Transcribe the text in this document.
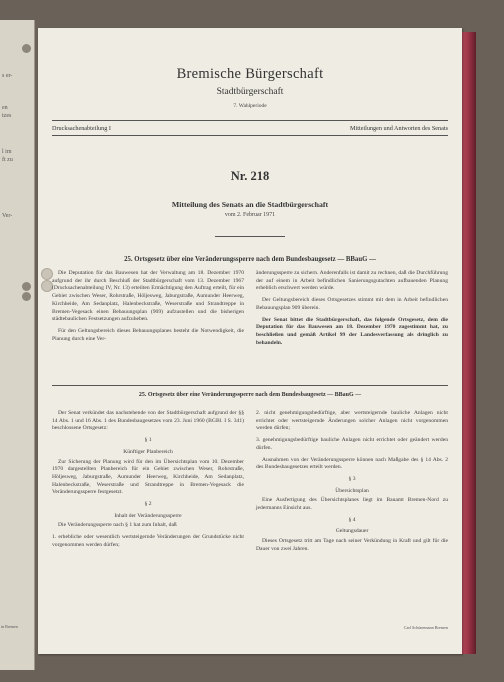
s er-
en
tzes
l im
ft zu
Ver-
in Bremen
Bremische Bürgerschaft
Stadtbürgerschaft
7. Wahlperiode
Drucksachenabteilung I	Mitteilungen und Antworten des Senats
Nr. 218
Mitteilung des Senats an die Stadtbürgerschaft
vom 2. Februar 1971
25. Ortsgesetz über eine Veränderungssperre nach dem Bundesbaugesetz — BBauG —

Die Deputation für das Bauwesen hat der Verwaltung am 18. Dezember 1970 aufgrund der ihr durch Beschluß der Stadtbürgerschaft vom 13. Dezember 1967 (Drucksachenabteilung IV, Nr. 13) erteilten Ermächtigung den Auftrag erteilt, für ein Gebiet zwischen Weser, Rohrstraße, Höljesweg, Jaburgstraße, Aumunder Heerweg, Kirchheide, Am Sedanplatz, Halenbeckstraße, Weserstraße und Strandtreppe in Bremen-Vegesack einen Bebauungsplan (909) aufzustellen und die bisherigen städtebaulichen Festsetzungen aufzuheben.

Für den Geltungsbereich dieses Bebauungsplanes besteht die Notwendigkeit, die Planung durch eine Ver-

änderungssperre zu sichern. Anderenfalls ist damit zu rechnen, daß die Durchführung der auf einem in Arbeit befindlichen Sanierungsgutachten aufbauenden Planung erheblich erschwert werden würde.

Der Geltungsbereich dieses Ortsgesetzes stimmt mit dem in Arbeit befindlichen Bebauungsplan 909 überein.

Der Senat bittet die Stadtbürgerschaft, das folgende Ortsgesetz, dem die Deputation für das Bauwesen am 18. Dezember 1970 zugestimmt hat, zu beschließen und gemäß Artikel 99 der Landesverfassung als dringlich zu behandeln.

25. Ortsgesetz über eine Veränderungssperre nach dem Bundesbaugesetz — BBauG —

Der Senat verkündet das nachstehende von der Stadtbürgerschaft aufgrund der §§ 14 Abs. 1 und 16 Abs. 1 des Bundesbaugesetzes vom 23. Juni 1960 (BGBl. I S. 341) beschlossene Ortsgesetz:

§ 1
Künftiger Planbereich

Zur Sicherung der Planung wird für den im Übersichtsplan vom 10. Dezember 1970 dargestellten Planbereich für ein Gebiet zwischen Weser, Rohrstraße, Höljesweg, Jaburgstraße, Aumunder Heerweg, Kirchheide, Am Sedanplatz, Halenbeckstraße, Weserstraße und Strandtreppe in Bremen-Vegesack die Veränderungssperre festgesetzt.

§ 2
Inhalt der Veränderungssperre

Die Veränderungssperre nach § 1 hat zum Inhalt, daß

1. erhebliche oder wesentlich wertsteigernde Veränderungen der Grundstücke nicht vorgenommen werden dürfen;

2. nicht genehmigungsbedürftige, aber wertsteigernde bauliche Anlagen nicht errichtet oder wertsteigernde Änderungen solcher Anlagen nicht vorgenommen werden dürfen;

3. genehmigungsbedürftige bauliche Anlagen nicht errichtet oder geändert werden dürfen.

Ausnahmen von der Veränderungssperre können nach Maßgabe des § 14 Abs. 2 des Bundesbaugesetzes erteilt werden.

§ 3
Übersichtsplan

Eine Ausfertigung des Übersichtsplanes liegt im Bauamt Bremen-Nord zu jedermanns Einsicht aus.

§ 4
Geltungsdauer

Dieses Ortsgesetz tritt am Tage nach seiner Verkündung in Kraft und gilt für die Dauer von zwei Jahren.

Carl Schünemann Bremen
